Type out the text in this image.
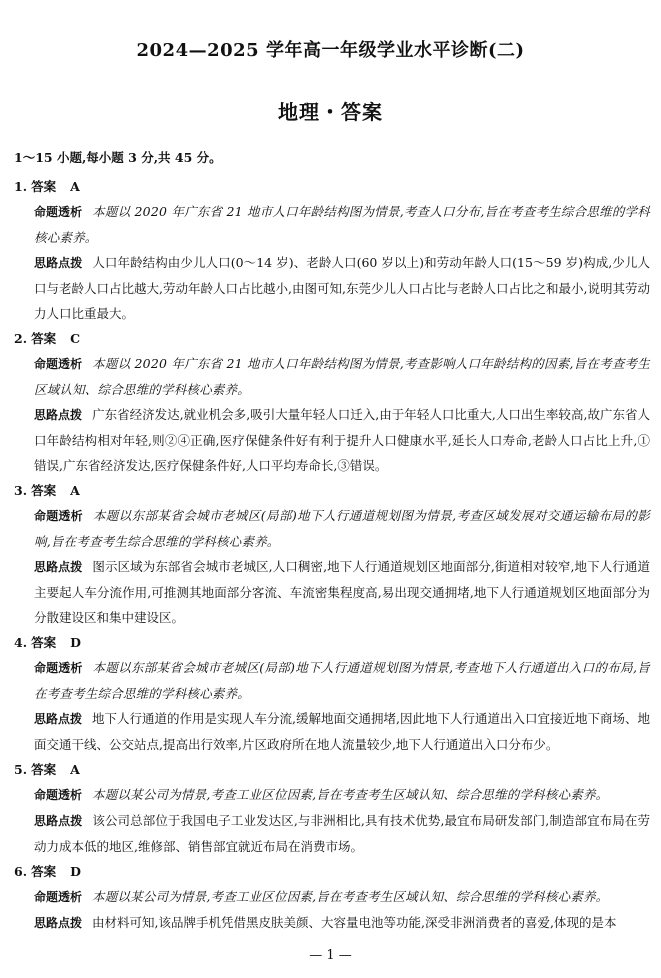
2024—2025 学年高一年级学业水平诊断(二)
地理・答案
1～15 小题,每小题 3 分,共 45 分。
1. 答案 A
命题透析 本题以 2020 年广东省 21 地市人口年龄结构图为情景,考查人口分布,旨在考查考生综合思维的学科核心素养。
思路点拨 人口年龄结构由少儿人口(0～14 岁)、老龄人口(60 岁以上)和劳动年龄人口(15～59 岁)构成,少儿人口与老龄人口占比越大,劳动年龄人口占比越小,由图可知,东莞少儿人口占比与老龄人口占比之和最小,说明其劳动力人口比重最大。
2. 答案 C
命题透析 本题以 2020 年广东省 21 地市人口年龄结构图为情景,考查影响人口年龄结构的因素,旨在考查考生区域认知、综合思维的学科核心素养。
思路点拨 广东省经济发达,就业机会多,吸引大量年轻人口迁入,由于年轻人口比重大,人口出生率较高,故广东省人口年龄结构相对年轻,则②④正确,医疗保健条件好有利于提升人口健康水平,延长人口寿命,老龄人口占比上升,①错误,广东省经济发达,医疗保健条件好,人口平均寿命长,③错误。
3. 答案 A
命题透析 本题以东部某省会城市老城区(局部)地下人行通道规划图为情景,考查区域发展对交通运输布局的影响,旨在考查考生综合思维的学科核心素养。
思路点拨 图示区域为东部省会城市老城区,人口稠密,地下人行通道规划区地面部分,街道相对较窄,地下人行通道主要起人车分流作用,可推测其地面部分客流、车流密集程度高,易出现交通拥堵,地下人行通道规划区地面部分为分散建设区和集中建设区。
4. 答案 D
命题透析 本题以东部某省会城市老城区(局部)地下人行通道规划图为情景,考查地下人行通道出入口的布局,旨在考查考生综合思维的学科核心素养。
思路点拨 地下人行通道的作用是实现人车分流,缓解地面交通拥堵,因此地下人行通道出入口宜接近地下商场、地面交通干线、公交站点,提高出行效率,片区政府所在地人流量较少,地下人行通道出入口分布少。
5. 答案 A
命题透析 本题以某公司为情景,考查工业区位因素,旨在考查考生区域认知、综合思维的学科核心素养。
思路点拨 该公司总部位于我国电子工业发达区,与非洲相比,具有技术优势,最宜布局研发部门,制造部宜布局在劳动力成本低的地区,维修部、销售部宜就近布局在消费市场。
6. 答案 D
命题透析 本题以某公司为情景,考查工业区位因素,旨在考查考生区域认知、综合思维的学科核心素养。
思路点拨 由材料可知,该品牌手机凭借黑皮肤美颜、大容量电池等功能,深受非洲消费者的喜爱,体现的是本
— 1 —
